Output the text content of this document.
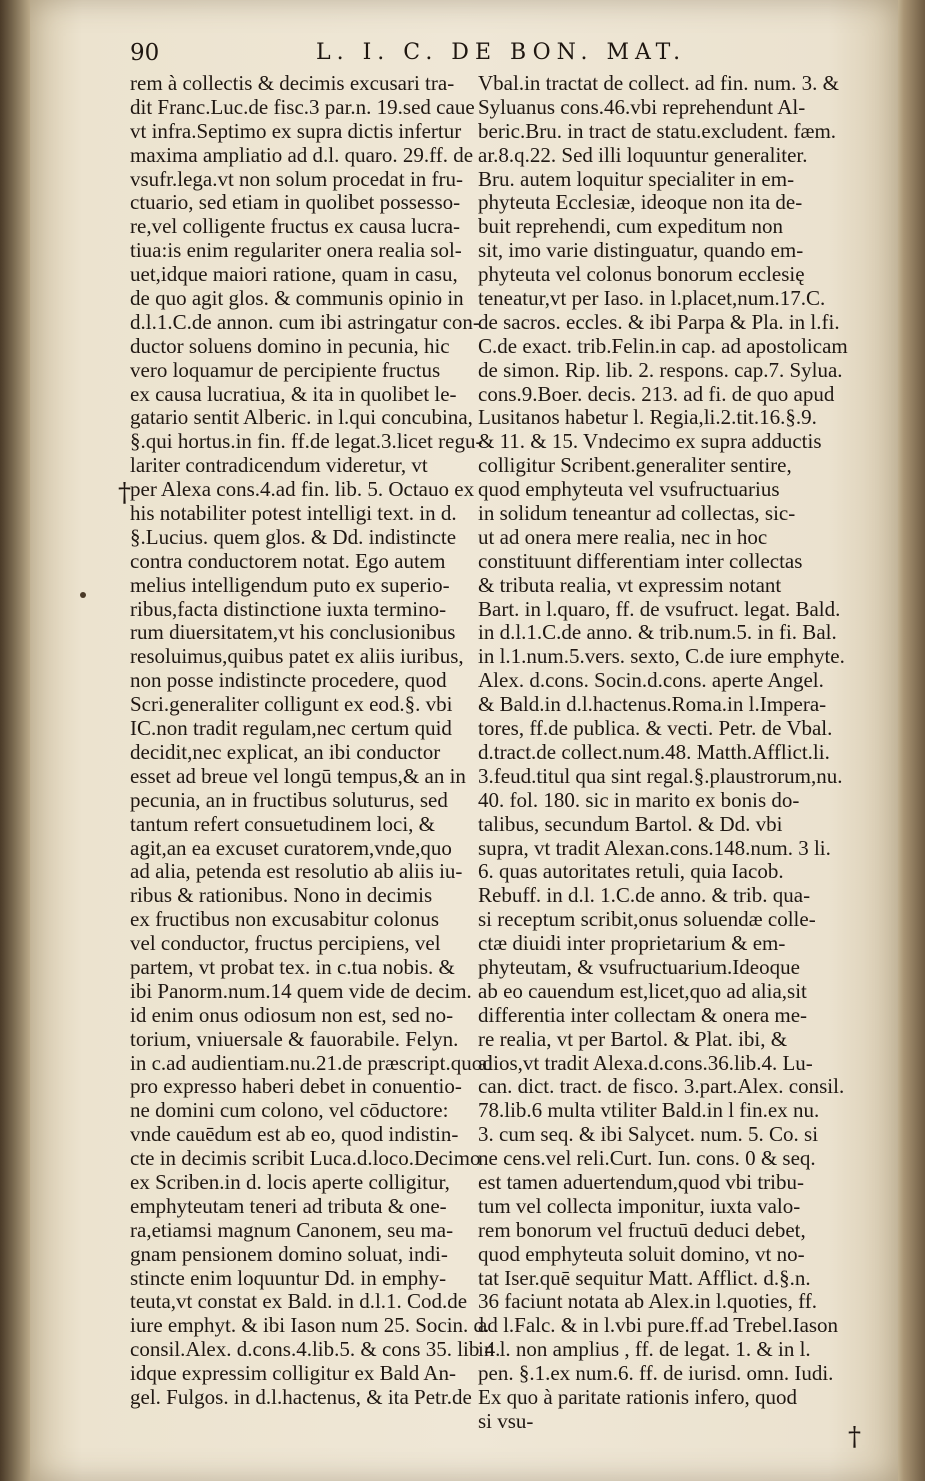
90	L. I. C. DE BON. MAT.
rem à collectis & decimis excusari tra-
dit Franc.Luc.de fisc.3 par.n. 19.sed caue
vt infra.Septimo ex supra dictis infertur
maxima ampliatio ad d.l. quaro. 29.ff. de
vsufr.lega.vt non solum procedat in fru-
ctuario, sed etiam in quolibet possesso-
re,vel colligente fructus ex causa lucra-
tiua:is enim regulariter onera realia sol-
uet,idque maiori ratione, quam in casu,
de quo agit glos. & communis opinio in
d.l.1.C.de annon. cum ibi astringatur con-
ductor soluens domino in pecunia, hic
vero loquamur de percipiente fructus
ex causa lucratiua, & ita in quolibet le-
gatario sentit Alberic. in l.qui concubina,
§.qui hortus.in fin. ff.de legat.3.licet regu-
lariter contradicendum videretur, vt
per Alexa cons.4.ad fin. lib. 5. Octauo ex
his notabiliter potest intelligi text. in d.
§.Lucius. quem glos. & Dd. indistincte
contra conductorem notat. Ego autem
melius intelligendum puto ex superio-
ribus,facta distinctione iuxta termino-
rum diuersitatem,vt his conclusionibus
resoluimus,quibus patet ex aliis iuribus,
non posse indistincte procedere, quod
Scri.generaliter colligunt ex eod.§. vbi
IC.non tradit regulam,nec certum quid
decidit,nec explicat, an ibi conductor
esset ad breue vel longū tempus,& an in
pecunia, an in fructibus soluturus, sed
tantum refert consuetudinem loci, &
agit,an ea excuset curatorem,vnde,quo
ad alia, petenda est resolutio ab aliis iu-
ribus & rationibus. Nono in decimis
ex fructibus non excusabitur colonus
vel conductor, fructus percipiens, vel
partem, vt probat tex. in c.tua nobis. &
ibi Panorm.num.14 quem vide de decim.
id enim onus odiosum non est, sed no-
torium, vniuersale & fauorabile. Felyn.
in c.ad audientiam.nu.21.de præscript.quod
pro expresso haberi debet in conuentio-
ne domini cum colono, vel cōductore:
vnde cauēdum est ab eo, quod indistin-
cte in decimis scribit Luca.d.loco.Decimo
ex Scriben.in d. locis aperte colligitur,
emphyteutam teneri ad tributa & one-
ra,etiamsi magnum Canonem, seu ma-
gnam pensionem domino soluat, indi-
stincte enim loquuntur Dd. in emphy-
teuta,vt constat ex Bald. in d.l.1. Cod.de
iure emphyt. & ibi Iason num 25. Socin. d.
consil.Alex. d.cons.4.lib.5. & cons 35. lib 4.
idque expressim colligitur ex Bald An-
gel. Fulgos. in d.l.hactenus, & ita Petr.de
Vbal.in tractat de collect. ad fin. num. 3. &
Syluanus cons.46.vbi reprehendunt Al-
beric.Bru. in tract de statu.excludent. fæm.
ar.8.q.22. Sed illi loquuntur generaliter.
Bru. autem loquitur specialiter in em-
phyteuta Ecclesiæ, ideoque non ita de-
buit reprehendi, cum expeditum non
sit, imo varie distinguatur, quando em-
phyteuta vel colonus bonorum ecclesię
teneatur,vt per Iaso. in l.placet,num.17.C.
de sacros. eccles. & ibi Parpa & Pla. in l.fi.
C.de exact. trib.Felin.in cap. ad apostolicam
de simon. Rip. lib. 2. respons. cap.7. Sylua.
cons.9.Boer. decis. 213. ad fi. de quo apud
Lusitanos habetur l. Regia,li.2.tit.16.§.9.
& 11. & 15. Vndecimo ex supra adductis
colligitur Scribent.generaliter sentire,
quod emphyteuta vel vsufructuarius
in solidum teneantur ad collectas, sic-
ut ad onera mere realia, nec in hoc
constituunt differentiam inter collectas
& tributa realia, vt expressim notant
Bart. in l.quaro, ff. de vsufruct. legat. Bald.
in d.l.1.C.de anno. & trib.num.5. in fi. Bal.
in l.1.num.5.vers. sexto, C.de iure emphyte.
Alex. d.cons. Socin.d.cons. aperte Angel.
& Bald.in d.l.hactenus.Roma.in l.Impera-
tores, ff.de publica. & vecti. Petr. de Vbal.
d.tract.de collect.num.48. Matth.Afflict.li.
3.feud.titul qua sint regal.§.plaustrorum,nu.
40. fol. 180. sic in marito ex bonis do-
talibus, secundum Bartol. & Dd. vbi
supra, vt tradit Alexan.cons.148.num. 3 li.
6. quas autoritates retuli, quia Iacob.
Rebuff. in d.l. 1.C.de anno. & trib. qua-
si receptum scribit,onus soluendæ colle-
ctæ diuidi inter proprietarium & em-
phyteutam, & vsufructuarium.Ideoque
ab eo cauendum est,licet,quo ad alia,sit
differentia inter collectam & onera me-
re realia, vt per Bartol. & Plat. ibi, &
alios,vt tradit Alexa.d.cons.36.lib.4. Lu-
can. dict. tract. de fisco. 3.part.Alex. consil.
78.lib.6 multa vtiliter Bald.in l fin.ex nu.
3. cum seq. & ibi Salycet. num. 5. Co. si
ne cens.vel reli.Curt. Iun. cons. 0 & seq.
est tamen aduertendum,quod vbi tribu-
tum vel collecta imponitur, iuxta valo-
rem bonorum vel fructuū deduci debet,
quod emphyteuta soluit domino, vt no-
tat Iser.quē sequitur Matt. Afflict. d.§.n.
36 faciunt notata ab Alex.in l.quoties, ff.
ad l.Falc. & in l.vbi pure.ff.ad Trebel.Iason
in l. non amplius , ff. de legat. 1. & in l.
pen. §.1.ex num.6. ff. de iurisd. omn. Iudi.
Ex quo à paritate rationis infero, quod
si vsu-
†
†
